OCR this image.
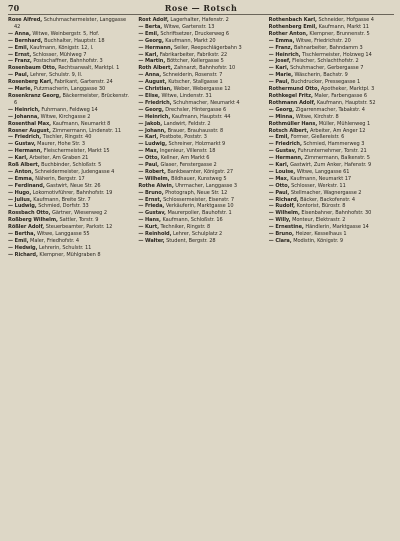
70	Rose — Rotsch

Rose Alfred, Schuhmachermeister, Langgasse 42

— Anna, Witwe, Weinbergstr. 5, Hof.

— Bernhard, Buchhalter, Hauptstr. 18

— Emil, Kaufmann, Königstr. 12, I.

— Ernst, Schlosser, Mühlweg 7

— Franz, Postschaffner, Bahnhofstr. 3

Rosenbaum Otto, Rechtsanwalt, Marktpl. 1

— Paul, Lehrer, Schulstr. 9, II.

Rosenberg Karl, Fabrikant, Gartenstr. 24

— Marie, Putzmacherin, Langgasse 30

Rosenkranz Georg, Bäckermeister, Brückenstr. 6

— Heinrich, Fuhrmann, Feldweg 14

— Johanna, Witwe, Kirchgasse 2

Rosenthal Max, Kaufmann, Neumarkt 8

Rosner August, Zimmermann, Lindenstr. 11

— Friedrich, Tischler, Ringstr. 40

— Gustav, Maurer, Hohe Str. 3

— Hermann, Fleischermeister, Markt 15

— Karl, Arbeiter, Am Graben 21

Roß Albert, Buchbinder, Schloßstr. 5

— Anton, Schneidermeister, Judengasse 4

— Emma, Näherin, Bergstr. 17

— Ferdinand, Gastwirt, Neue Str. 26

— Hugo, Lokomotivführer, Bahnhofstr. 19

— Julius, Kaufmann, Breite Str. 7

— Ludwig, Schmied, Dorfstr. 33

Rossbach Otto, Gärtner, Wiesenweg 2

Roßberg Wilhelm, Sattler, Torstr. 9

Rößler Adolf, Steuerbeamter, Parkstr. 12

— Bertha, Witwe, Langgasse 55

— Emil, Maler, Friedhofstr. 4

— Hedwig, Lehrerin, Schulstr. 11

— Richard, Klempner, Mühlgraben 8

Rost Adolf, Lagerhalter, Hafenstr. 2

— Berta, Witwe, Gartenstr. 13

— Emil, Schriftsetzer, Druckerweg 6

— Georg, Kaufmann, Markt 20

— Hermann, Seiler, Reepschlägerbahn 3

— Karl, Fabrikarbeiter, Fabrikstr. 22

— Martin, Böttcher, Kellergasse 5

Roth Albert, Zahnarzt, Bahnhofstr. 10

— Anna, Schneiderin, Rosenstr. 7

— August, Kutscher, Stallgasse 1

— Christian, Weber, Webergasse 12

— Elise, Witwe, Lindenstr. 31

— Friedrich, Schuhmacher, Neumarkt 4

— Georg, Drechsler, Hintergasse 6

— Heinrich, Kaufmann, Hauptstr. 44

— Jakob, Landwirt, Feldstr. 2

— Johann, Brauer, Brauhausstr. 8

— Karl, Postbote, Poststr. 3

— Ludwig, Schreiner, Holzmarkt 9

— Max, Ingenieur, Villenstr. 18

— Otto, Kellner, Am Markt 6

— Paul, Glaser, Fenstergasse 2

— Robert, Bankbeamter, Königstr. 27

— Wilhelm, Bildhauer, Kunstweg 5

Rothe Alwin, Uhrmacher, Langgasse 3

— Bruno, Photograph, Neue Str. 12

— Ernst, Schlossermeister, Eisenstr. 7

— Frieda, Verkäuferin, Marktgasse 10

— Gustav, Maurerpolier, Bauhofstr. 1

— Hans, Kaufmann, Schloßstr. 16

— Kurt, Techniker, Ringstr. 8

— Reinhold, Lehrer, Schulplatz 2

— Walter, Student, Bergstr. 28

Rothenbach Karl, Schneider, Hofgasse 4

Rothenberg Emil, Kaufmann, Markt 11

Rother Anton, Klempner, Brunnenstr. 5

— Emma, Witwe, Friedrichstr. 20

— Franz, Bahnarbeiter, Bahndamm 3

— Heinrich, Tischlermeister, Holzweg 14

— Josef, Fleischer, Schlachthofstr. 2

— Karl, Schuhmacher, Gerbergasse 7

— Marie, Wäscherin, Bachstr. 9

— Paul, Buchdrucker, Pressegasse 1

Rothermund Otto, Apotheker, Marktpl. 3

Rothkegel Fritz, Maler, Farbengasse 6

Rothmann Adolf, Kaufmann, Hauptstr. 52

— Georg, Zigarrenmacher, Tabakstr. 4

— Minna, Witwe, Kirchstr. 8

Rothmüller Hans, Müller, Mühlenweg 1

Rotsch Albert, Arbeiter, Am Anger 12

— Emil, Former, Gießereistr. 6

— Friedrich, Schmied, Hammerweg 3

— Gustav, Fuhrunternehmer, Torstr. 21

— Hermann, Zimmermann, Balkenstr. 5

— Karl, Gastwirt, Zum Anker, Hafenstr. 9

— Louise, Witwe, Langgasse 61

— Max, Kaufmann, Neumarkt 17

— Otto, Schlosser, Werkstr. 11

— Paul, Stellmacher, Wagnergasse 2

— Richard, Bäcker, Backofenstr. 4

— Rudolf, Kontorist, Bürostr. 8

— Wilhelm, Eisenbahner, Bahnhofstr. 30

— Willy, Monteur, Elektrastr. 2

— Ernestine, Händlerin, Marktgasse 14

— Bruno, Heizer, Kesselhaus 1

— Clara, Modistin, Königstr. 9
